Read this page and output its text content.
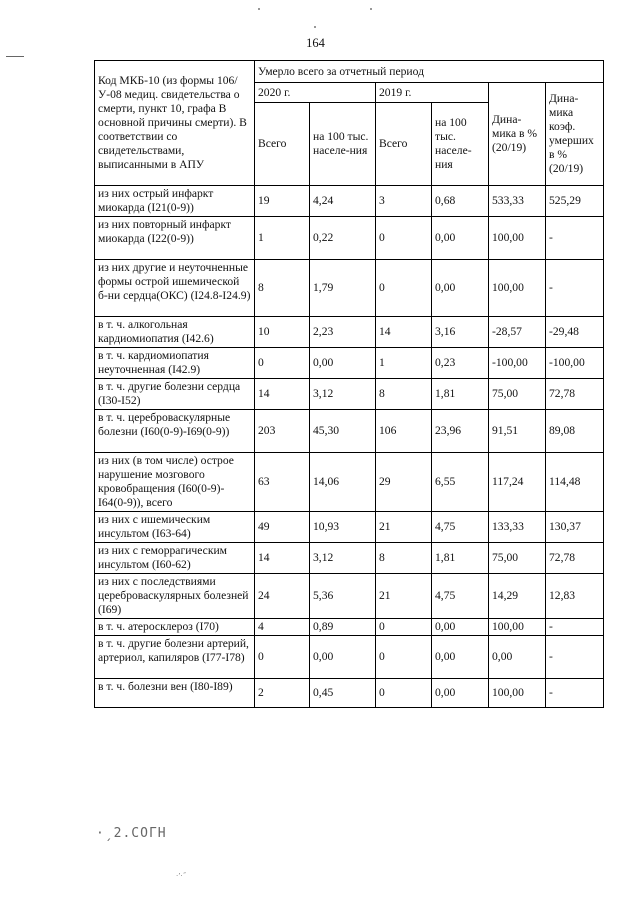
164
Код МКБ-10 (из формы 106/У-08 медиц. свидетельства о смерти, пункт 10, графа В основной причины смерти). В соответствии со свидетельствами, выписанными в АПУ	Умерло всего за отчетный период					
	2020 г.		2019 г.		Дина-мика в % (20/19)	Дина-мика коэф. умерших в % (20/19)
	Всего	на 100 тыс. населе-ния	Всего	на 100 тыс. населе-ния		
из них острый инфаркт миокарда (I21(0-9))	19	4,24	3	0,68	533,33	525,29
из них повторный инфаркт миокарда (I22(0-9))	1	0,22	0	0,00	100,00	-
из них другие и неуточненные формы острой ишемической б-ни сердца(ОКС) (I24.8-I24.9)	8	1,79	0	0,00	100,00	-
в т. ч. алкогольная кардиомиопатия (I42.6)	10	2,23	14	3,16	-28,57	-29,48
в т. ч. кардиомиопатия неуточненная (I42.9)	0	0,00	1	0,23	-100,00	-100,00
в т. ч. другие болезни сердца (I30-I52)	14	3,12	8	1,81	75,00	72,78
в т. ч. цереброваскулярные болезни (I60(0-9)-I69(0-9))	203	45,30	106	23,96	91,51	89,08
из них (в том числе) острое нарушение мозгового кровобращения (I60(0-9)-I64(0-9)), всего	63	14,06	29	6,55	117,24	114,48
из них с ишемическим инсультом (I63-64)	49	10,93	21	4,75	133,33	130,37
из них с геморрагическим инсультом (I60-62)	14	3,12	8	1,81	75,00	72,78
из них с последствиями цереброваскулярных болезней (I69)	24	5,36	21	4,75	14,29	12,83
в т. ч. атеросклероз (I70)	4	0,89	0	0,00	100,00	-
в т. ч. другие болезни артерий, артериол, капиляров (I77-I78)	0	0,00	0	0,00	0,00	-
в т. ч. болезни вен (I80-I89)	2	0,45	0	0,00	100,00	-
·ˏ2.СОГН
·’·˝
